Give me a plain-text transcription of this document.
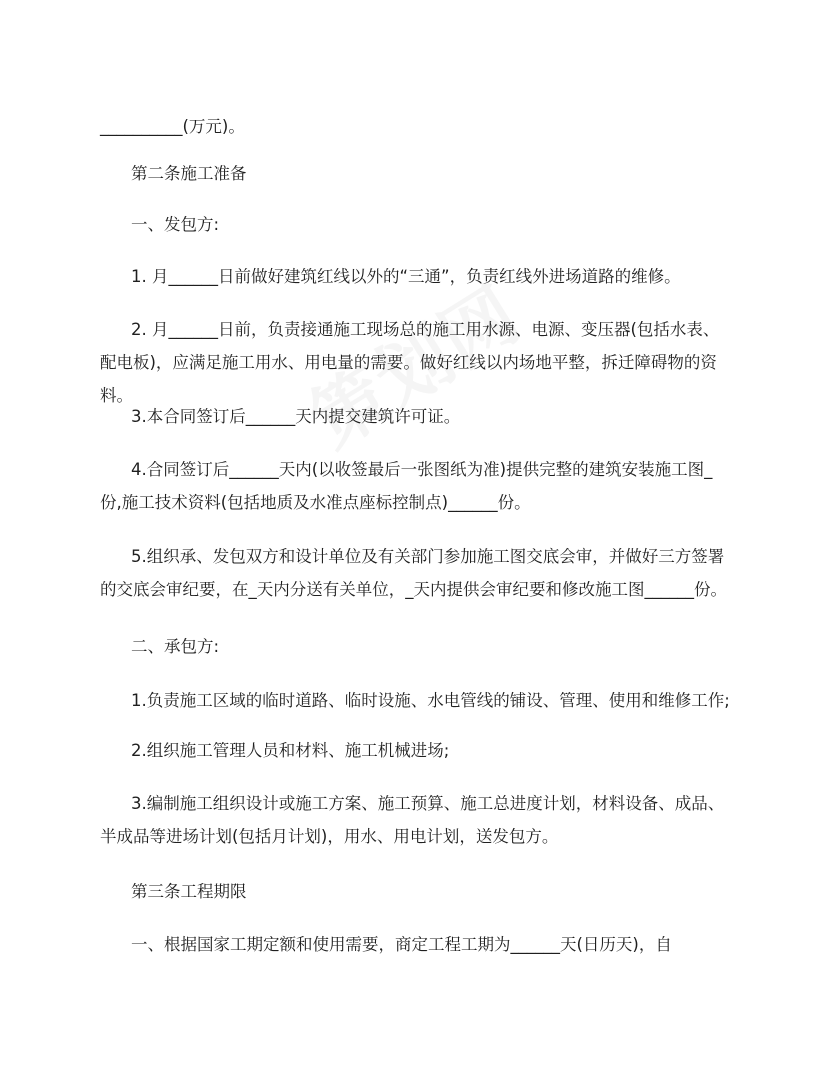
__________(万元)。

第二条施工准备

一、发包方:

1. 月______日前做好建筑红线以外的“三通”，负责红线外进场道路的维修。

2. 月______日前，负责接通施工现场总的施工用水源、电源、变压器(包括水表、配电板)，应满足施工用水、用电量的需要。做好红线以内场地平整，拆迁障碍物的资料。

3.本合同签订后______天内提交建筑许可证。

4.合同签订后______天内(以收签最后一张图纸为准)提供完整的建筑安装施工图_份,施工技术资料(包括地质及水准点座标控制点)______份。

5.组织承、发包双方和设计单位及有关部门参加施工图交底会审，并做好三方签署的交底会审纪要，在_天内分送有关单位，_天内提供会审纪要和修改施工图______份。

二、承包方:

1.负责施工区域的临时道路、临时设施、水电管线的铺设、管理、使用和维修工作;

2.组织施工管理人员和材料、施工机械进场;

3.编制施工组织设计或施工方案、施工预算、施工总进度计划，材料设备、成品、半成品等进场计划(包括月计划)，用水、用电计划，送发包方。

第三条工程期限

一、根据国家工期定额和使用需要，商定工程工期为______天(日历天)，自
